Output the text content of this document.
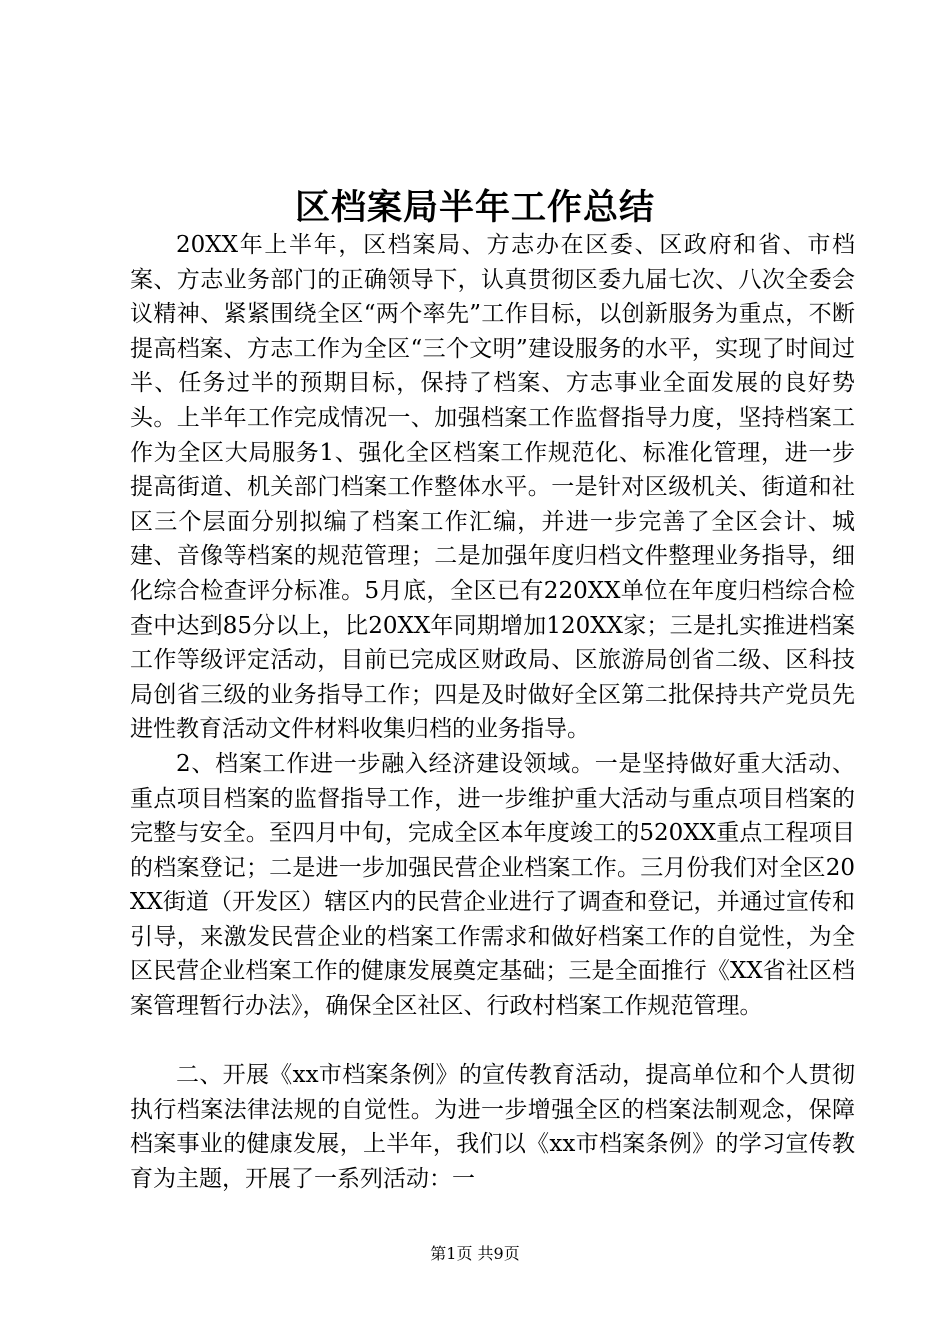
区档案局半年工作总结

20XX年上半年，区档案局、方志办在区委、区政府和省、市档案、方志业务部门的正确领导下，认真贯彻区委九届七次、八次全委会议精神、紧紧围绕全区“两个率先”工作目标，以创新服务为重点，不断提高档案、方志工作为全区“三个文明”建设服务的水平，实现了时间过半、任务过半的预期目标，保持了档案、方志事业全面发展的良好势头。上半年工作完成情况一、加强档案工作监督指导力度，坚持档案工作为全区大局服务1、强化全区档案工作规范化、标准化管理，进一步提高街道、机关部门档案工作整体水平。一是针对区级机关、街道和社区三个层面分别拟编了档案工作汇编，并进一步完善了全区会计、城建、音像等档案的规范管理；二是加强年度归档文件整理业务指导，细化综合检查评分标准。5月底，全区已有220XX单位在年度归档综合检查中达到85分以上，比20XX年同期增加120XX家；三是扎实推进档案工作等级评定活动，目前已完成区财政局、区旅游局创省二级、区科技局创省三级的业务指导工作；四是及时做好全区第二批保持共产党员先进性教育活动文件材料收集归档的业务指导。

2、档案工作进一步融入经济建设领域。一是坚持做好重大活动、重点项目档案的监督指导工作，进一步维护重大活动与重点项目档案的完整与安全。至四月中旬，完成全区本年度竣工的520XX重点工程项目的档案登记；二是进一步加强民营企业档案工作。三月份我们对全区20XX街道（开发区）辖区内的民营企业进行了调查和登记，并通过宣传和引导，来激发民营企业的档案工作需求和做好档案工作的自觉性，为全区民营企业档案工作的健康发展奠定基础；三是全面推行《XX省社区档案管理暂行办法》，确保全区社区、行政村档案工作规范管理。

二、开展《xx市档案条例》的宣传教育活动，提高单位和个人贯彻执行档案法律法规的自觉性。为进一步增强全区的档案法制观念，保障档案事业的健康发展，上半年，我们以《xx市档案条例》的学习宣传教育为主题，开展了一系列活动：一

第1页 共9页
